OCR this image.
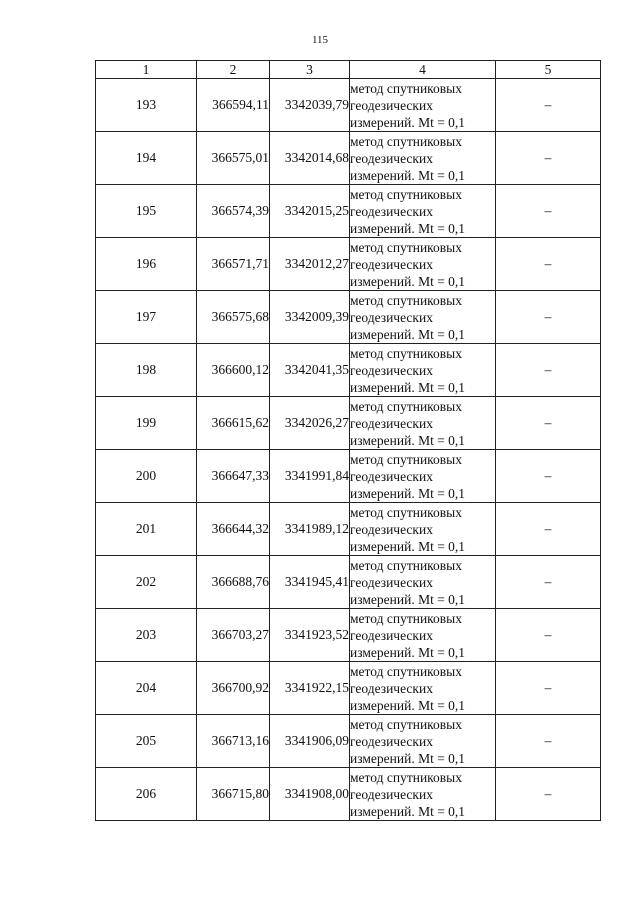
115
1	2	3	4	5
193	366594,11	3342039,79	метод спутниковых
геодезических
измерений. Mt = 0,1	–
194	366575,01	3342014,68	метод спутниковых
геодезических
измерений. Mt = 0,1	–
195	366574,39	3342015,25	метод спутниковых
геодезических
измерений. Mt = 0,1	–
196	366571,71	3342012,27	метод спутниковых
геодезических
измерений. Mt = 0,1	–
197	366575,68	3342009,39	метод спутниковых
геодезических
измерений. Mt = 0,1	–
198	366600,12	3342041,35	метод спутниковых
геодезических
измерений. Mt = 0,1	–
199	366615,62	3342026,27	метод спутниковых
геодезических
измерений. Mt = 0,1	–
200	366647,33	3341991,84	метод спутниковых
геодезических
измерений. Mt = 0,1	–
201	366644,32	3341989,12	метод спутниковых
геодезических
измерений. Mt = 0,1	–
202	366688,76	3341945,41	метод спутниковых
геодезических
измерений. Mt = 0,1	–
203	366703,27	3341923,52	метод спутниковых
геодезических
измерений. Mt = 0,1	–
204	366700,92	3341922,15	метод спутниковых
геодезических
измерений. Mt = 0,1	–
205	366713,16	3341906,09	метод спутниковых
геодезических
измерений. Mt = 0,1	–
206	366715,80	3341908,00	метод спутниковых
геодезических
измерений. Mt = 0,1	–
